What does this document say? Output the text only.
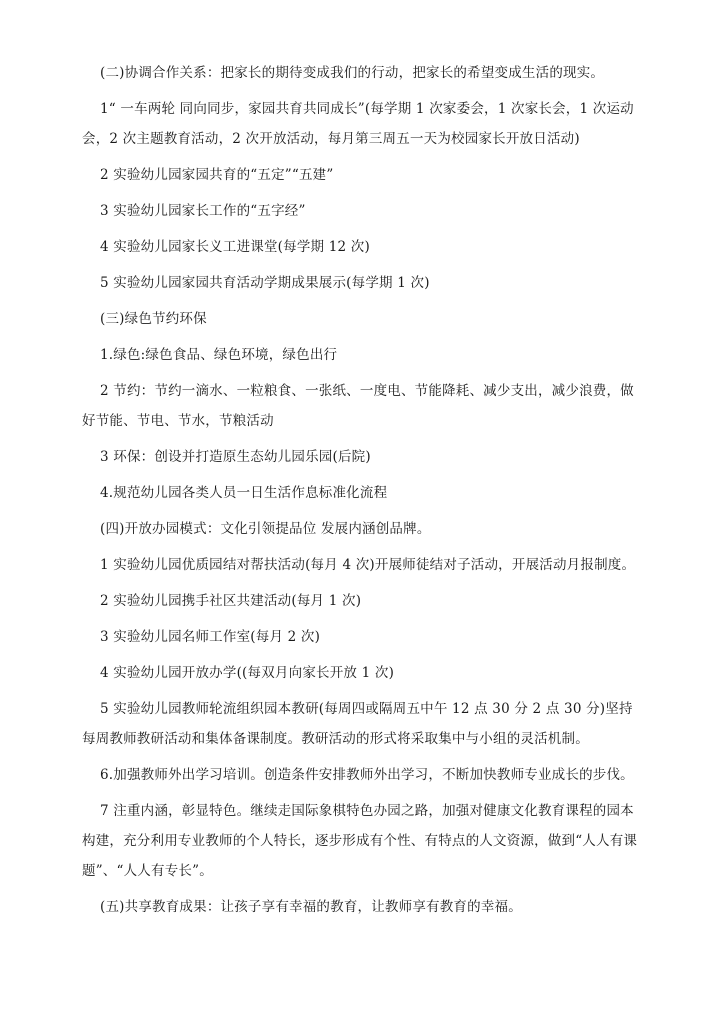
(二)协调合作关系：把家长的期待变成我们的行动，把家长的希望变成生活的现实。

1“ 一车两轮 同向同步，家园共育共同成长”(每学期 1 次家委会，1 次家长会，1 次运动会，2 次主题教育活动，2 次开放活动，每月第三周五一天为校园家长开放日活动)

2 实验幼儿园家园共育的“五定”“五建”

3 实验幼儿园家长工作的“五字经”

4 实验幼儿园家长义工进课堂(每学期 12 次)

5 实验幼儿园家园共育活动学期成果展示(每学期 1 次)

(三)绿色节约环保

1.绿色:绿色食品、绿色环境，绿色出行

2 节约：节约一滴水、一粒粮食、一张纸、一度电、节能降耗、减少支出，减少浪费，做好节能、节电、节水，节粮活动

3 环保：创设并打造原生态幼儿园乐园(后院)

4.规范幼儿园各类人员一日生活作息标准化流程

(四)开放办园模式：文化引领提品位 发展内涵创品牌。

1 实验幼儿园优质园结对帮扶活动(每月 4 次)开展师徒结对子活动，开展活动月报制度。

2 实验幼儿园携手社区共建活动(每月 1 次)

3 实验幼儿园名师工作室(每月 2 次)

4 实验幼儿园开放办学((每双月向家长开放 1 次)

5 实验幼儿园教师轮流组织园本教研(每周四或隔周五中午 12 点 30 分 2 点 30 分)坚持每周教师教研活动和集体备课制度。教研活动的形式将采取集中与小组的灵活机制。

6.加强教师外出学习培训。创造条件安排教师外出学习，不断加快教师专业成长的步伐。

7 注重内涵，彰显特色。继续走国际象棋特色办园之路，加强对健康文化教育课程的园本构建，充分利用专业教师的个人特长，逐步形成有个性、有特点的人文资源，做到“人人有课题”、“人人有专长”。

(五)共享教育成果：让孩子享有幸福的教育，让教师享有教育的幸福。
